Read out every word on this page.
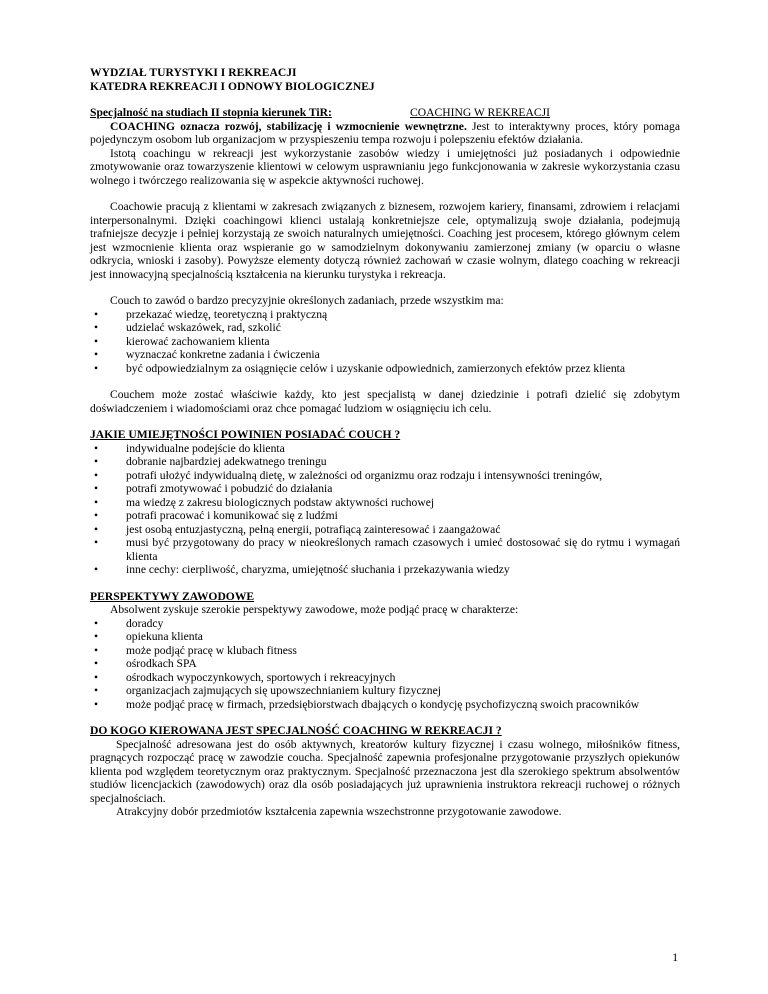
WYDZIAŁ TURYSTYKI I REKREACJI

KATEDRA REKREACJI I ODNOWY BIOLOGICZNEJ

Specjalność na studiach II stopnia kierunek TiR:	COACHING W REKREACJI

COACHING oznacza rozwój, stabilizację i wzmocnienie wewnętrzne. Jest to interaktywny proces, który pomaga pojedynczym osobom lub organizacjom w przyspieszeniu tempa rozwoju i polepszeniu efektów działania.

Istotą coachingu w rekreacji jest wykorzystanie zasobów wiedzy i umiejętności już posiadanych i odpowiednie zmotywowanie oraz towarzyszenie klientowi w celowym usprawnianiu jego funkcjonowania w zakresie wykorzystania czasu wolnego i twórczego realizowania się w aspekcie aktywności ruchowej.

Coachowie pracują z klientami w zakresach związanych z biznesem, rozwojem kariery, finansami, zdrowiem i relacjami interpersonalnymi. Dzięki coachingowi klienci ustalają konkretniejsze cele, optymalizują swoje działania, podejmują trafniejsze decyzje i pełniej korzystają ze swoich naturalnych umiejętności. Coaching jest procesem, którego głównym celem jest wzmocnienie klienta oraz wspieranie go w samodzielnym dokonywaniu zamierzonej zmiany (w oparciu o własne odkrycia, wnioski i zasoby). Powyższe elementy dotyczą również zachowań w czasie wolnym, dlatego coaching w rekreacji jest innowacyjną specjalnością kształcenia na kierunku turystyka i rekreacja.

Couch to zawód o bardzo precyzyjnie określonych zadaniach, przede wszystkim ma:

• przekazać wiedzę, teoretyczną i praktyczną
• udzielać wskazówek, rad, szkolić
• kierować zachowaniem klienta
• wyznaczać konkretne zadania i ćwiczenia
• być odpowiedzialnym za osiągnięcie celów i uzyskanie odpowiednich, zamierzonych efektów przez klienta

Couchem może zostać właściwie każdy, kto jest specjalistą w danej dziedzinie i potrafi dzielić się zdobytym doświadczeniem i wiadomościami oraz chce pomagać ludziom w osiągnięciu ich celu.

JAKIE UMIEJĘTNOŚCI POWINIEN POSIADAĆ COUCH ?

• indywidualne podejście do klienta
• dobranie najbardziej adekwatnego treningu
• potrafi ułożyć indywidualną dietę, w zależności od organizmu oraz rodzaju i intensywności treningów,
• potrafi zmotywować i pobudzić do działania
• ma wiedzę z zakresu biologicznych podstaw aktywności ruchowej
• potrafi pracować i komunikować się z ludźmi
• jest osobą entuzjastyczną, pełną energii, potrafiącą zainteresować i zaangażować
• musi być przygotowany do pracy w nieokreślonych ramach czasowych i umieć dostosować się do rytmu i wymagań klienta
• inne cechy: cierpliwość, charyzma, umiejętność słuchania i przekazywania wiedzy

PERSPEKTYWY ZAWODOWE

Absolwent zyskuje szerokie perspektywy zawodowe, może podjąć pracę w charakterze:

• doradcy
• opiekuna klienta
• może podjąć pracę w klubach fitness
• ośrodkach SPA
• ośrodkach wypoczynkowych, sportowych i rekreacyjnych
• organizacjach zajmujących się upowszechnianiem kultury fizycznej
• może podjąć pracę w firmach, przedsiębiorstwach dbających o kondycję psychofizyczną swoich pracowników

DO KOGO KIEROWANA JEST SPECJALNOŚĆ COACHING W REKREACJI ?

Specjalność adresowana jest do osób aktywnych, kreatorów kultury fizycznej i czasu wolnego, miłośników fitness, pragnących rozpocząć pracę w zawodzie coucha. Specjalność zapewnia profesjonalne przygotowanie przyszłych opiekunów klienta pod względem teoretycznym oraz praktycznym. Specjalność przeznaczona jest dla szerokiego spektrum absolwentów studiów licencjackich (zawodowych) oraz dla osób posiadających już uprawnienia instruktora rekreacji ruchowej o różnych specjalnościach.

Atrakcyjny dobór przedmiotów kształcenia zapewnia wszechstronne przygotowanie zawodowe.

1
